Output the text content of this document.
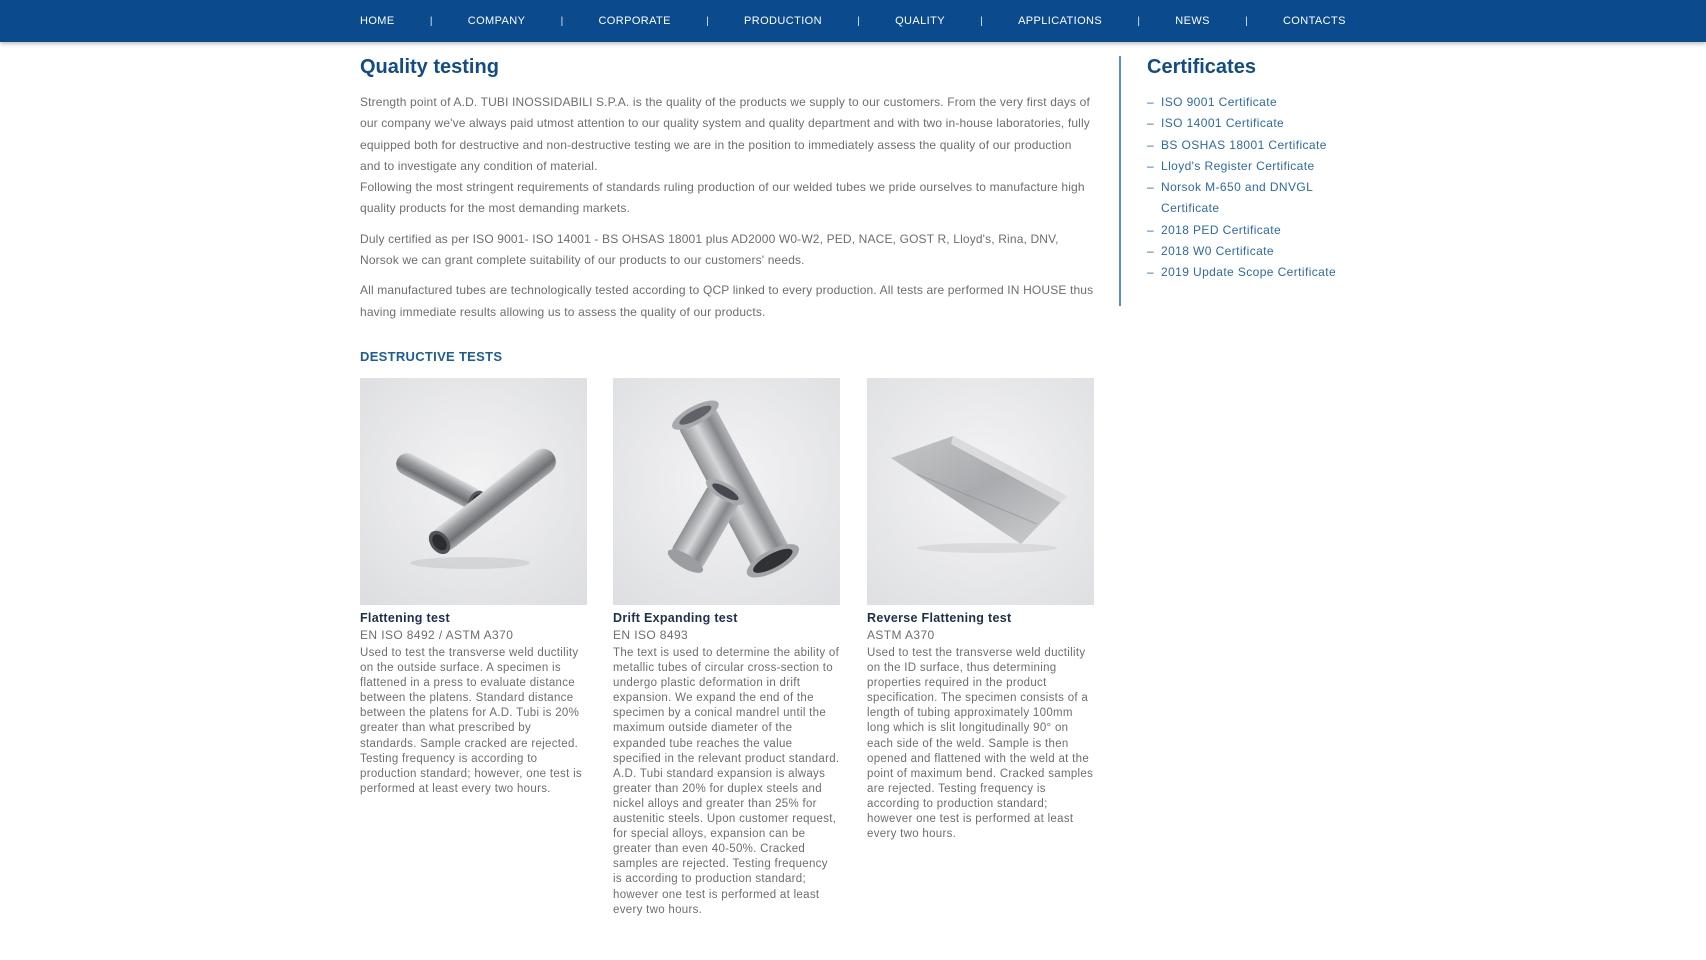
HOME	|	COMPANY	|	CORPORATE	|	PRODUCTION	|	QUALITY	|	APPLICATIONS	|	NEWS	|	CONTACTS
Quality testing

Strength point of A.D. TUBI INOSSIDABILI S.P.A. is the quality of the products we supply to our customers. From the very first days of our company we've always paid utmost attention to our quality system and quality department and with two in-house laboratories, fully equipped both for destructive and non-destructive testing we are in the position to immediately assess the quality of our production and to investigate any condition of material.
Following the most stringent requirements of standards ruling production of our welded tubes we pride ourselves to manufacture high quality products for the most demanding markets.

Duly certified as per ISO 9001- ISO 14001 - BS OHSAS 18001 plus AD2000 W0-W2, PED, NACE, GOST R, Lloyd's, Rina, DNV, Norsok we can grant complete suitability of our products to our customers' needs.

All manufactured tubes are technologically tested according to QCP linked to every production. All tests are performed IN HOUSE thus having immediate results allowing us to assess the quality of our products.

DESTRUCTIVE TESTS
Flattening test
EN ISO 8492 / ASTM A370
Used to test the transverse weld ductility on the outside surface. A specimen is flattened in a press to evaluate distance between the platens. Standard distance between the platens for A.D. Tubi is 20% greater than what prescribed by standards. Sample cracked are rejected. Testing frequency is according to production standard; however, one test is performed at least every two hours.
Drift Expanding test
EN ISO 8493
The text is used to determine the ability of metallic tubes of circular cross-section to undergo plastic deformation in drift expansion. We expand the end of the specimen by a conical mandrel until the maximum outside diameter of the expanded tube reaches the value specified in the relevant product standard. A.D. Tubi standard expansion is always greater than 20% for duplex steels and nickel alloys and greater than 25% for austenitic steels. Upon customer request, for special alloys, expansion can be greater than even 40-50%. Cracked samples are rejected. Testing frequency is according to production standard; however one test is performed at least every two hours.
Reverse Flattening test
ASTM A370
Used to test the transverse weld ductility on the ID surface, thus determining properties required in the product specification. The specimen consists of a length of tubing approximately 100mm long which is slit longitudinally 90° on each side of the weld. Sample is then opened and flattened with the weld at the point of maximum bend. Cracked samples are rejected. Testing frequency is according to production standard; however one test is performed at least every two hours.
Certificates
– ISO 9001 Certificate
– ISO 14001 Certificate
– BS OSHAS 18001 Certificate
– Lloyd's Register Certificate
– Norsok M-650 and DNVGL Certificate
– 2018 PED Certificate
– 2018 W0 Certificate
– 2019 Update Scope Certificate
